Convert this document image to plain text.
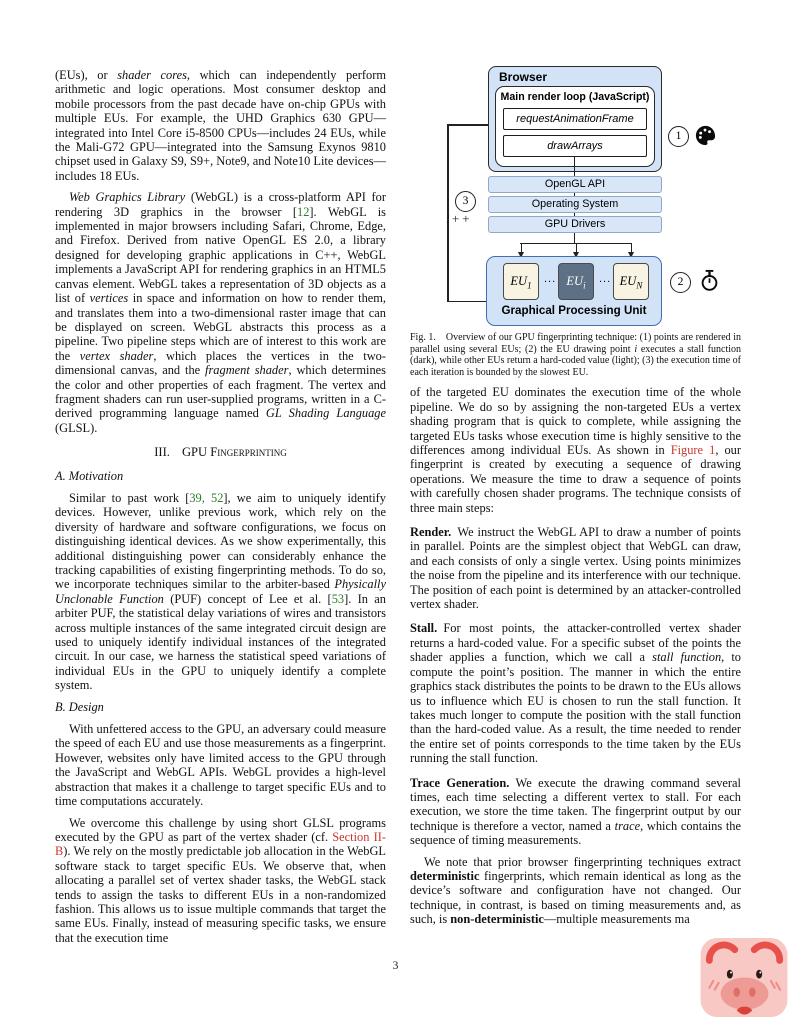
(EUs), or shader cores, which can independently perform arithmetic and logic operations. Most consumer desktop and mobile processors from the past decade have on-chip GPUs with multiple EUs. For example, the UHD Graphics 630 GPU—integrated into Intel Core i5-8500 CPUs—includes 24 EUs, while the Mali-G72 GPU—integrated into the Samsung Exynos 9810 chipset used in Galaxy S9, S9+, Note9, and Note10 Lite devices—includes 18 EUs.

Web Graphics Library (WebGL) is a cross-platform API for rendering 3D graphics in the browser [12]. WebGL is implemented in major browsers including Safari, Chrome, Edge, and Firefox. Derived from native OpenGL ES 2.0, a library designed for developing graphic applications in C++, WebGL implements a JavaScript API for rendering graphics in an HTML5 canvas element. WebGL takes a representation of 3D objects as a list of vertices in space and information on how to render them, and translates them into a two-dimensional raster image that can be displayed on screen. WebGL abstracts this process as a pipeline. Two pipeline steps which are of interest to this work are the vertex shader, which places the vertices in the two-dimensional canvas, and the fragment shader, which determines the color and other properties of each fragment. The vertex and fragment shaders can run user-supplied programs, written in a C-derived programming language named GL Shading Language (GLSL).

III. GPU Fingerprinting
A. Motivation

Similar to past work [39, 52], we aim to uniquely identify devices. However, unlike previous work, which rely on the diversity of hardware and software configurations, we focus on distinguishing identical devices. As we show experimentally, this additional distinguishing power can considerably enhance the tracking capabilities of existing fingerprinting methods. To do so, we incorporate techniques similar to the arbiter-based Physically Unclonable Function (PUF) concept of Lee et al. [53]. In an arbiter PUF, the statistical delay variations of wires and transistors across multiple instances of the same integrated circuit design are used to uniquely identify individual instances of the integrated circuit. In our case, we harness the statistical speed variations of individual EUs in the GPU to uniquely identify a complete system.

B. Design

With unfettered access to the GPU, an adversary could measure the speed of each EU and use those measurements as a fingerprint. However, websites only have limited access to the GPU through the JavaScript and WebGL APIs. WebGL provides a high-level abstraction that makes it a challenge to target specific EUs and to time computations accurately.

We overcome this challenge by using short GLSL programs executed by the GPU as part of the vertex shader (cf. Section II-B). We rely on the mostly predictable job allocation in the WebGL software stack to target specific EUs. We observe that, when allocating a parallel set of vertex shader tasks, the WebGL stack tends to assign the tasks to different EUs in a non-randomized fashion. This allows us to issue multiple commands that target the same EUs. Finally, instead of measuring specific tasks, we ensure that the execution time

Browser
Main render loop (JavaScript)
requestAnimationFrame
drawArrays
OpenGL API
Operating System
GPU Drivers
$EU_1$
... $EU_i$
... $EU_N$
Graphical Processing Unit
1
2
3
i++

Fig. 1. Overview of our GPU fingerprinting technique: (1) points are rendered in parallel using several EUs; (2) the EU drawing point i executes a stall function (dark), while other EUs return a hard-coded value (light); (3) the execution time of each iteration is bounded by the slowest EU.

of the targeted EU dominates the execution time of the whole pipeline. We do so by assigning the non-targeted EUs a vertex shading program that is quick to complete, while assigning the targeted EUs tasks whose execution time is highly sensitive to the differences among individual EUs. As shown in Figure 1, our fingerprint is created by executing a sequence of drawing operations. We measure the time to draw a sequence of points with carefully chosen shader programs. The technique consists of three main steps:

Render. We instruct the WebGL API to draw a number of points in parallel. Points are the simplest object that WebGL can draw, and each consists of only a single vertex. Using points minimizes the noise from the pipeline and its interference with our technique. The position of each point is determined by an attacker-controlled vertex shader.

Stall. For most points, the attacker-controlled vertex shader returns a hard-coded value. For a specific subset of the points the shader applies a function, which we call a stall function, to compute the point’s position. The manner in which the entire graphics stack distributes the points to be drawn to the EUs allows us to influence which EU is chosen to run the stall function. It takes much longer to compute the position with the stall function than the hard-coded value. As a result, the time needed to render the entire set of points corresponds to the time taken by the EUs running the stall function.

Trace Generation. We execute the drawing command several times, each time selecting a different vertex to stall. For each execution, we store the time taken. The fingerprint output by our technique is therefore a vector, named a trace, which contains the sequence of timing measurements.

We note that prior browser fingerprinting techniques extract deterministic fingerprints, which remain identical as long as the device’s software and configuration have not changed. Our technique, in contrast, is based on timing measurements and, as such, is non-deterministic—multiple measurements ma

3
